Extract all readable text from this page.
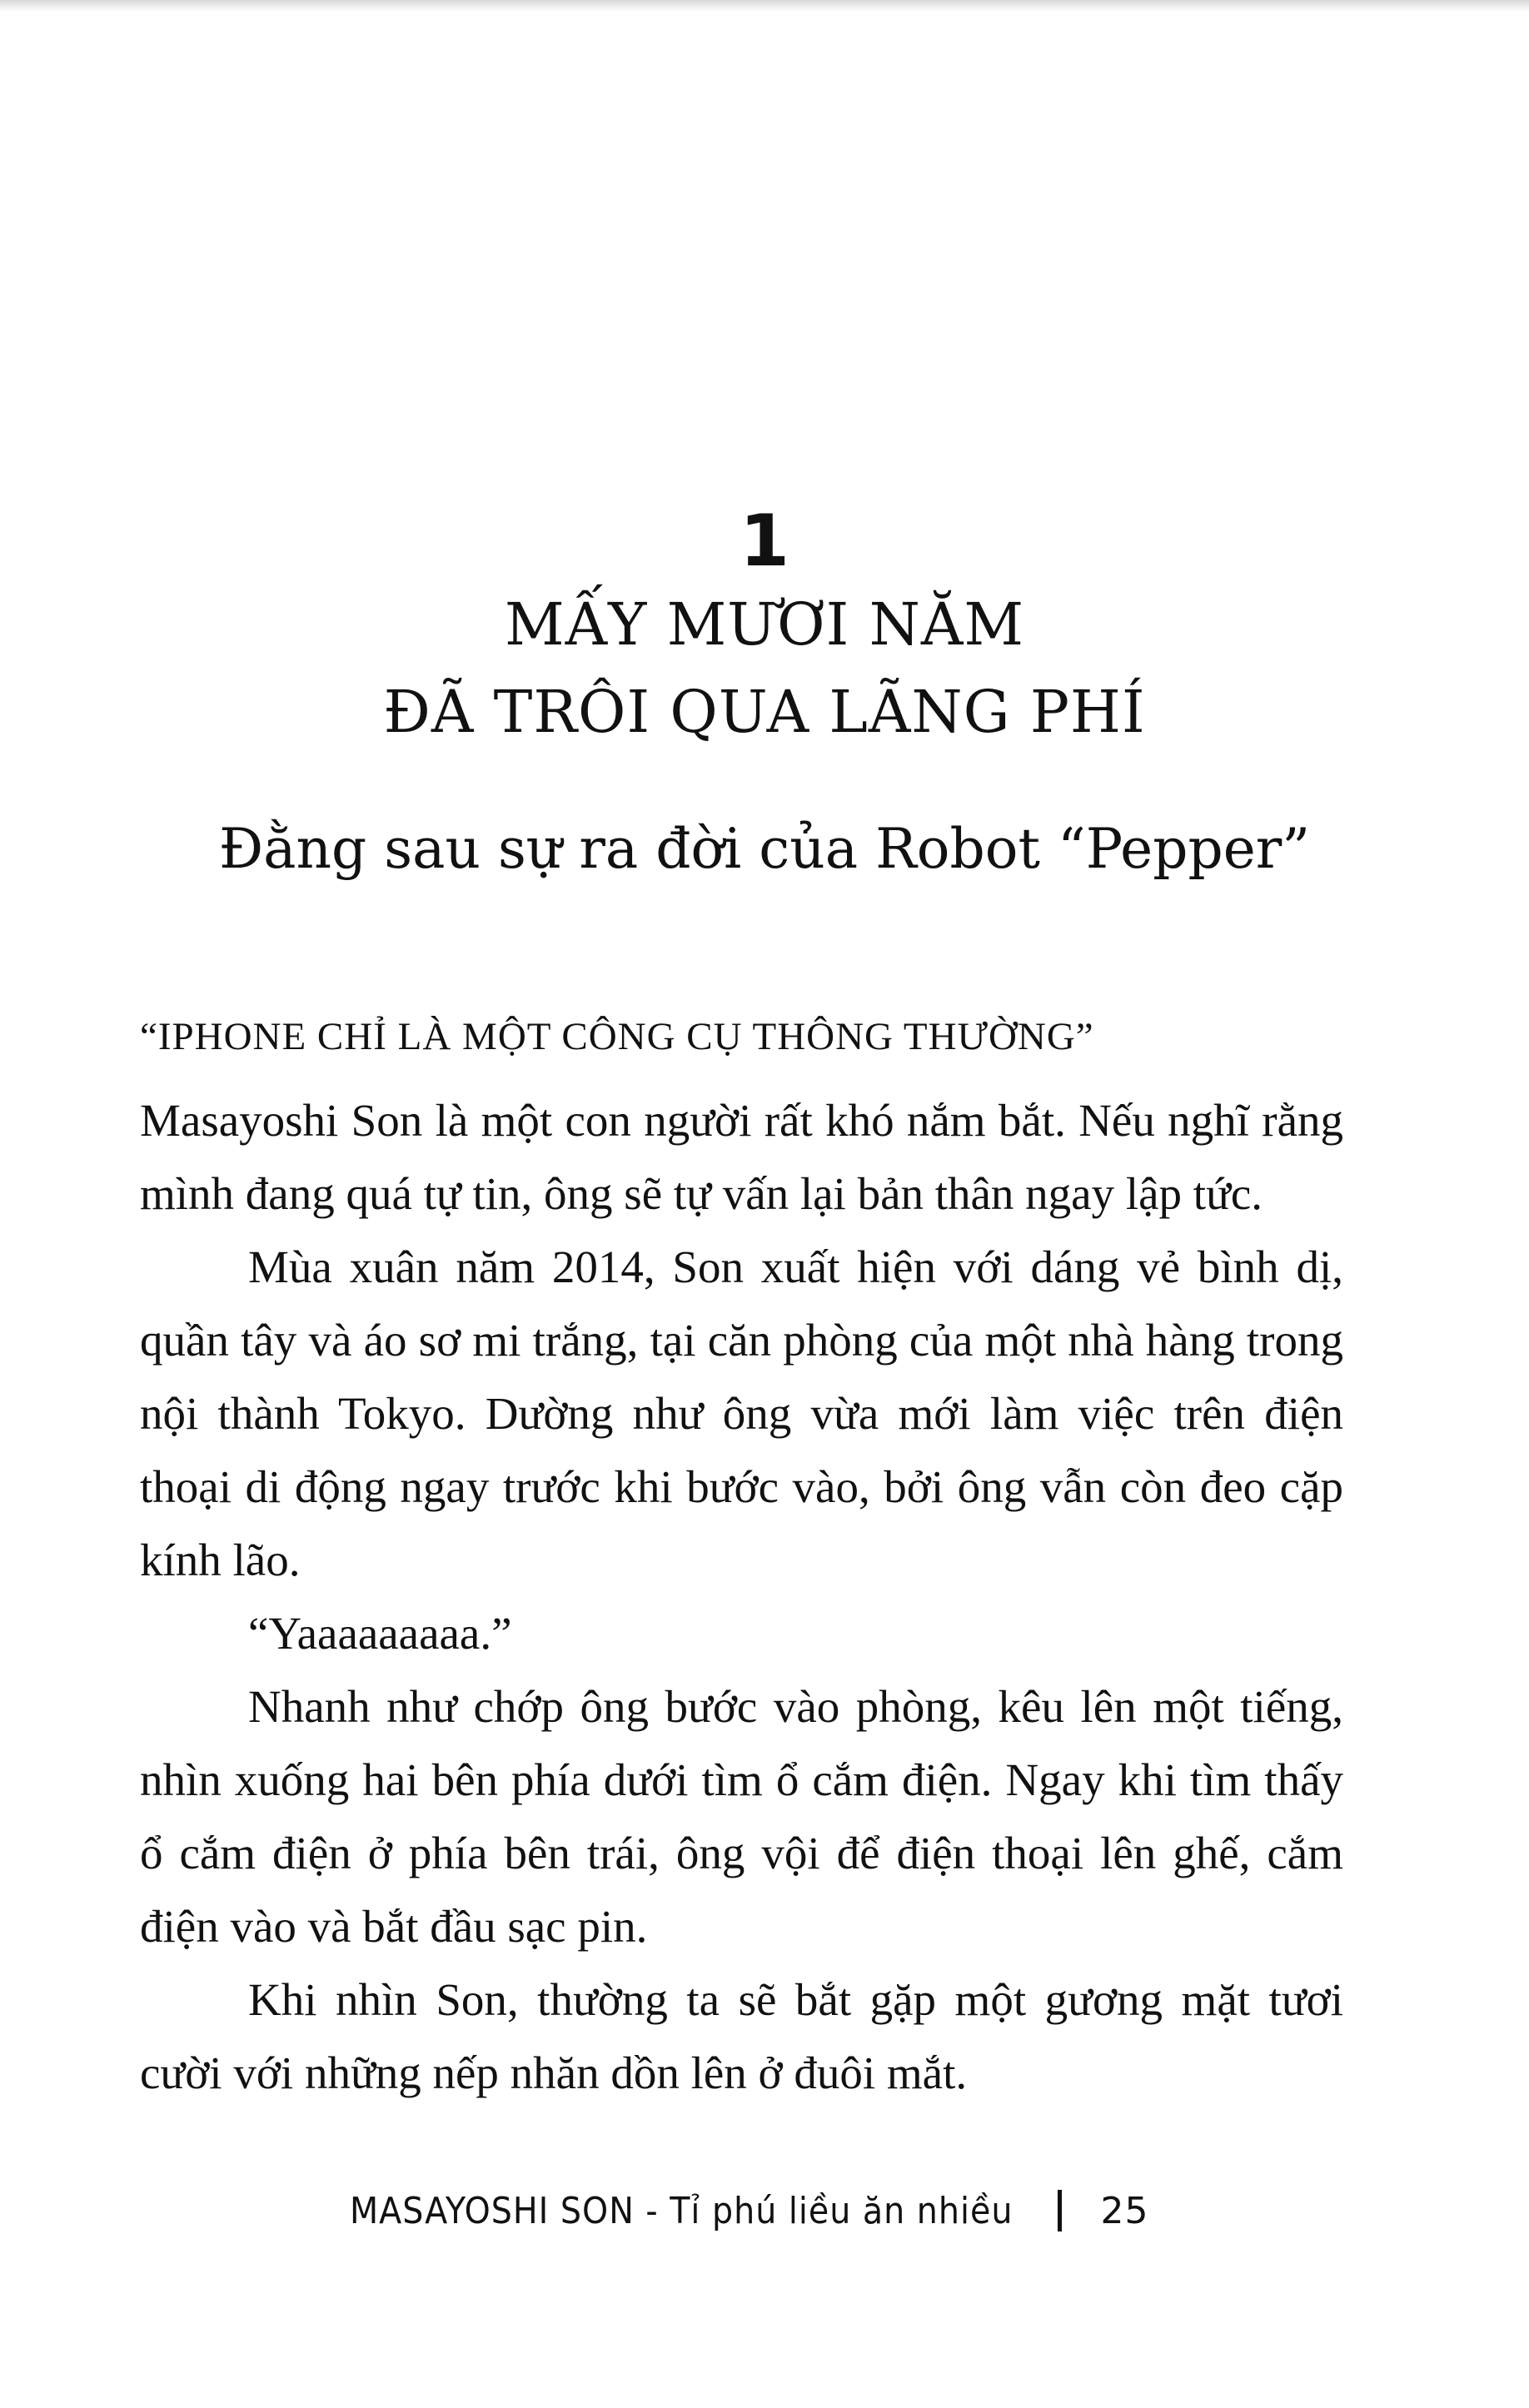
1
MẤY MƯƠI NĂM
ĐÃ TRÔI QUA LÃNG PHÍ
Đằng sau sự ra đời của Robot “Pepper”
“IPHONE CHỈ LÀ MỘT CÔNG CỤ THÔNG THƯỜNG”

Masayoshi Son là một con người rất khó nắm bắt. Nếu nghĩ rằng mình đang quá tự tin, ông sẽ tự vấn lại bản thân ngay lập tức.

Mùa xuân năm 2014, Son xuất hiện với dáng vẻ bình dị, quần tây và áo sơ mi trắng, tại căn phòng của một nhà hàng trong nội thành Tokyo. Dường như ông vừa mới làm việc trên điện thoại di động ngay trước khi bước vào, bởi ông vẫn còn đeo cặp kính lão.

“Yaaaaaaaaa.”

Nhanh như chớp ông bước vào phòng, kêu lên một tiếng, nhìn xuống hai bên phía dưới tìm ổ cắm điện. Ngay khi tìm thấy ổ cắm điện ở phía bên trái, ông vội để điện thoại lên ghế, cắm điện vào và bắt đầu sạc pin.

Khi nhìn Son, thường ta sẽ bắt gặp một gương mặt tươi cười với những nếp nhăn dồn lên ở đuôi mắt.

MASAYOSHI SON - Tỉ phú liều ăn nhiều 25
